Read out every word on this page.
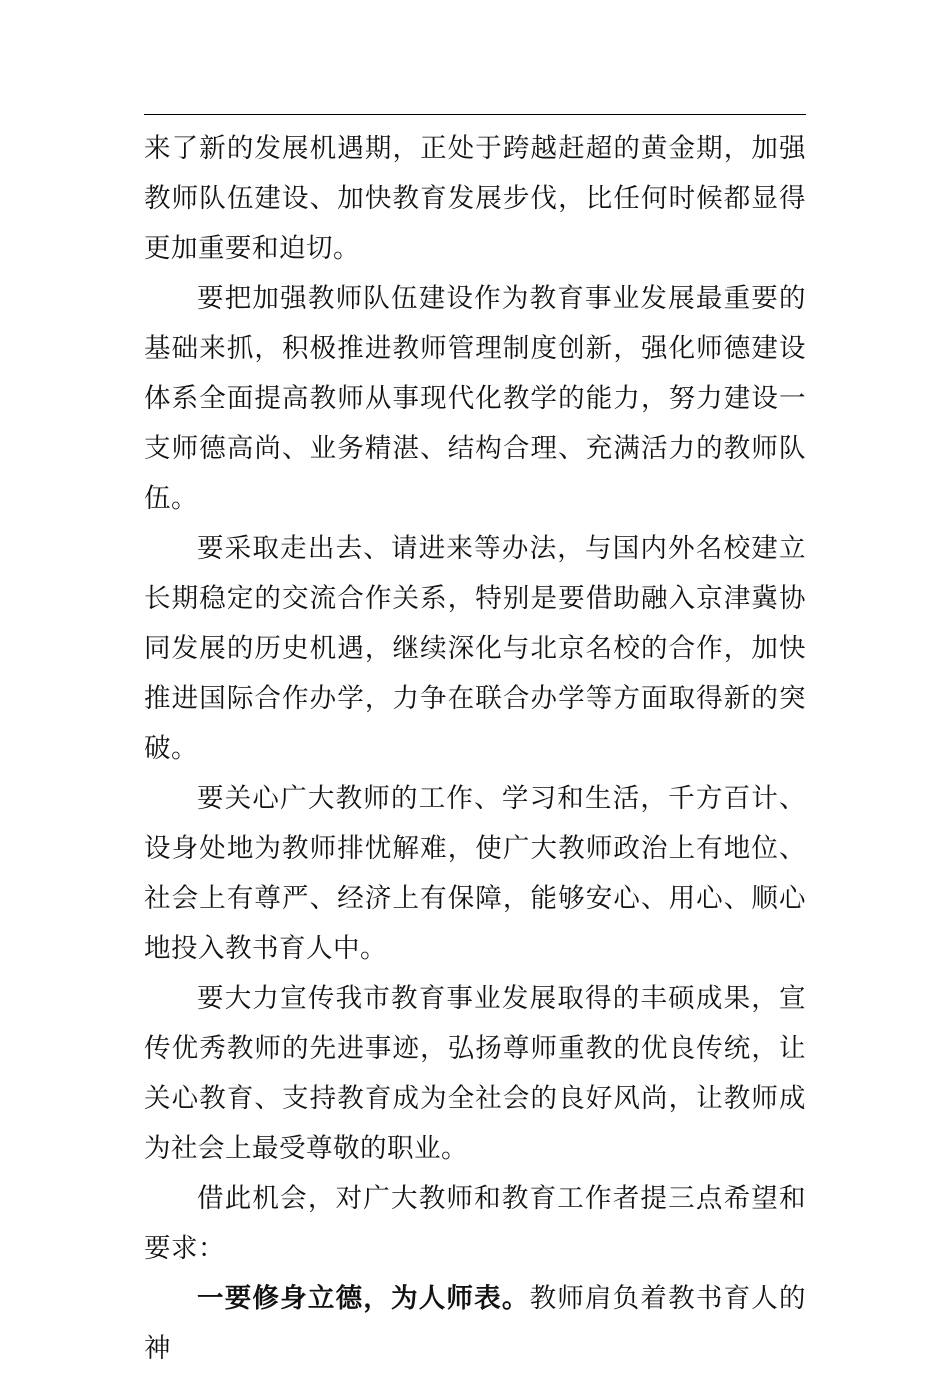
来了新的发展机遇期，正处于跨越赶超的黄金期，加强教师队伍建设、加快教育发展步伐，比任何时候都显得更加重要和迫切。

要把加强教师队伍建设作为教育事业发展最重要的基础来抓，积极推进教师管理制度创新，强化师德建设体系全面提高教师从事现代化教学的能力，努力建设一支师德高尚、业务精湛、结构合理、充满活力的教师队伍。

要采取走出去、请进来等办法，与国内外名校建立长期稳定的交流合作关系，特别是要借助融入京津冀协同发展的历史机遇，继续深化与北京名校的合作，加快推进国际合作办学，力争在联合办学等方面取得新的突破。

要关心广大教师的工作、学习和生活，千方百计、设身处地为教师排忧解难，使广大教师政治上有地位、社会上有尊严、经济上有保障，能够安心、用心、顺心地投入教书育人中。

要大力宣传我市教育事业发展取得的丰硕成果，宣传优秀教师的先进事迹，弘扬尊师重教的优良传统，让关心教育、支持教育成为全社会的良好风尚，让教师成为社会上最受尊敬的职业。

借此机会，对广大教师和教育工作者提三点希望和要求：

一要修身立德，为人师表。教师肩负着教书育人的神
